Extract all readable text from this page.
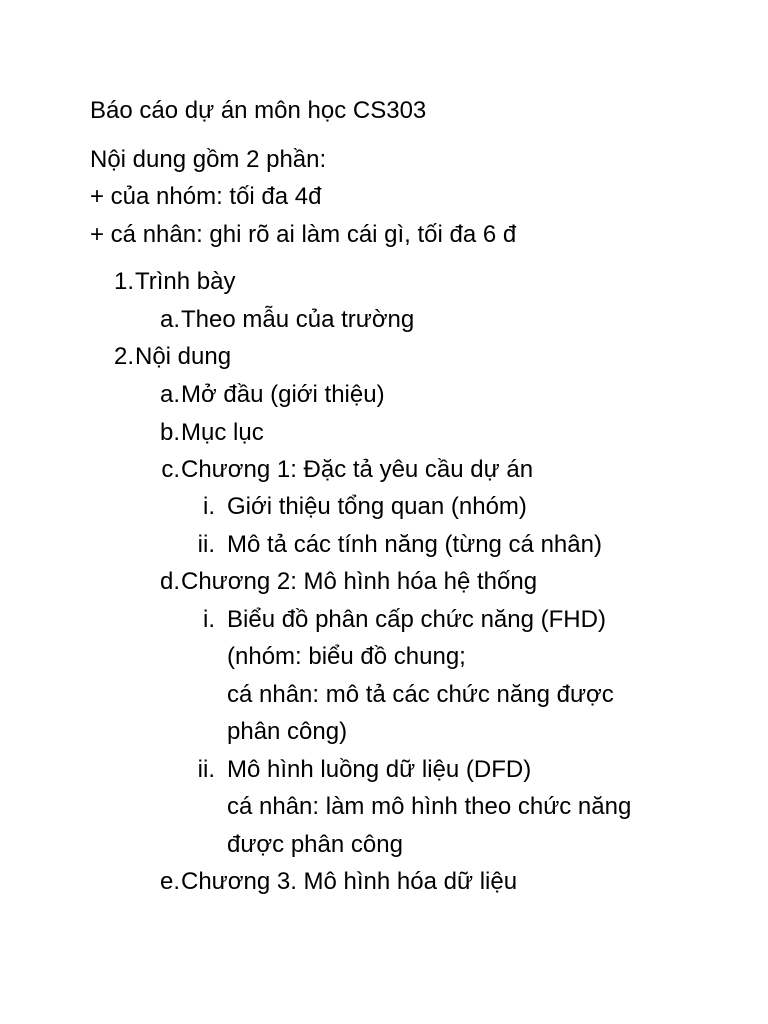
Báo cáo dự án môn học CS303
Nội dung gồm 2 phần:
+ của nhóm: tối đa 4đ
+ cá nhân: ghi rõ ai làm cái gì, tối đa 6 đ
1. Trình bày
a. Theo mẫu của trường
2. Nội dung
a. Mở đầu (giới thiệu)
b. Mục lục
c. Chương 1: Đặc tả yêu cầu dự án
i. Giới thiệu tổng quan (nhóm)
ii. Mô tả các tính năng (từng cá nhân)
d. Chương 2: Mô hình hóa hệ thống
i. Biểu đồ phân cấp chức năng (FHD)
(nhóm: biểu đồ chung;
cá nhân: mô tả các chức năng được
phân công)
ii. Mô hình luồng dữ liệu (DFD)
cá nhân: làm mô hình theo chức năng
được phân công
e. Chương 3. Mô hình hóa dữ liệu
